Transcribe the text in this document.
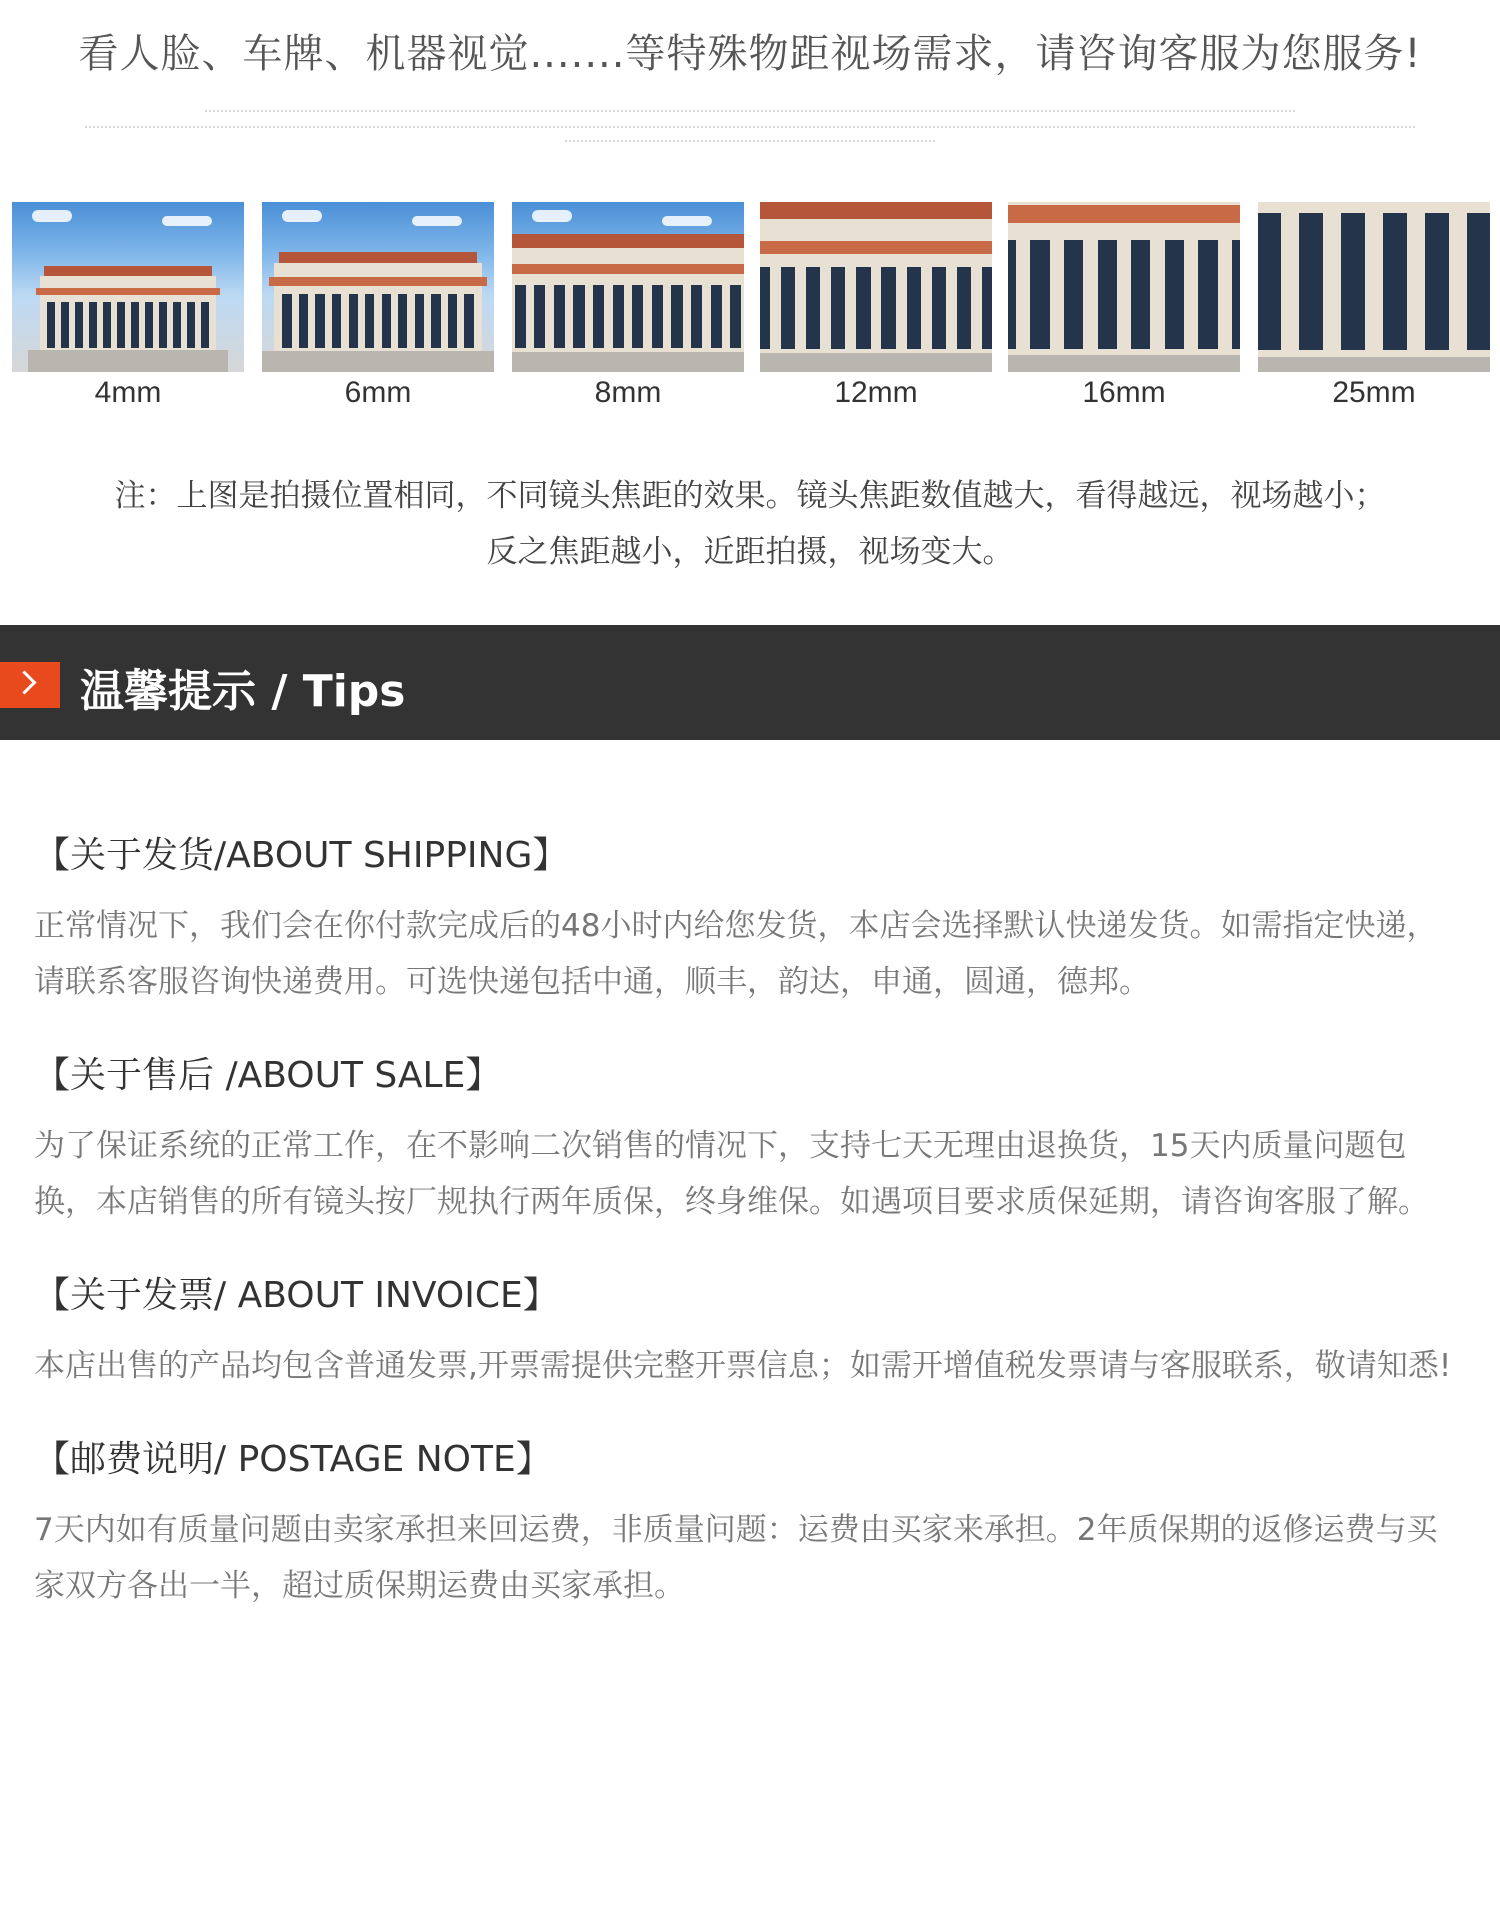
看人脸、车牌、机器视觉.......等特殊物距视场需求，请咨询客服为您服务!
4mm	6mm	8mm	12mm	16mm	25mm
注：上图是拍摄位置相同，不同镜头焦距的效果。镜头焦距数值越大，看得越远，视场越小；
反之焦距越小，近距拍摄，视场变大。
温馨提示 / Tips
【关于发货/ABOUT SHIPPING】

正常情况下，我们会在你付款完成后的48小时内给您发货，本店会选择默认快递发货。如需指定快递，请联系客服咨询快递费用。可选快递包括中通，顺丰，韵达，申通，圆通，德邦。

【关于售后 /ABOUT SALE】

为了保证系统的正常工作，在不影响二次销售的情况下，支持七天无理由退换货，15天内质量问题包换，本店销售的所有镜头按厂规执行两年质保，终身维保。如遇项目要求质保延期，请咨询客服了解。

【关于发票/ ABOUT INVOICE】

本店出售的产品均包含普通发票,开票需提供完整开票信息；如需开增值税发票请与客服联系，敬请知悉!

【邮费说明/ POSTAGE NOTE】

7天内如有质量问题由卖家承担来回运费，非质量问题：运费由买家来承担。2年质保期的返修运费与买家双方各出一半，超过质保期运费由买家承担。
